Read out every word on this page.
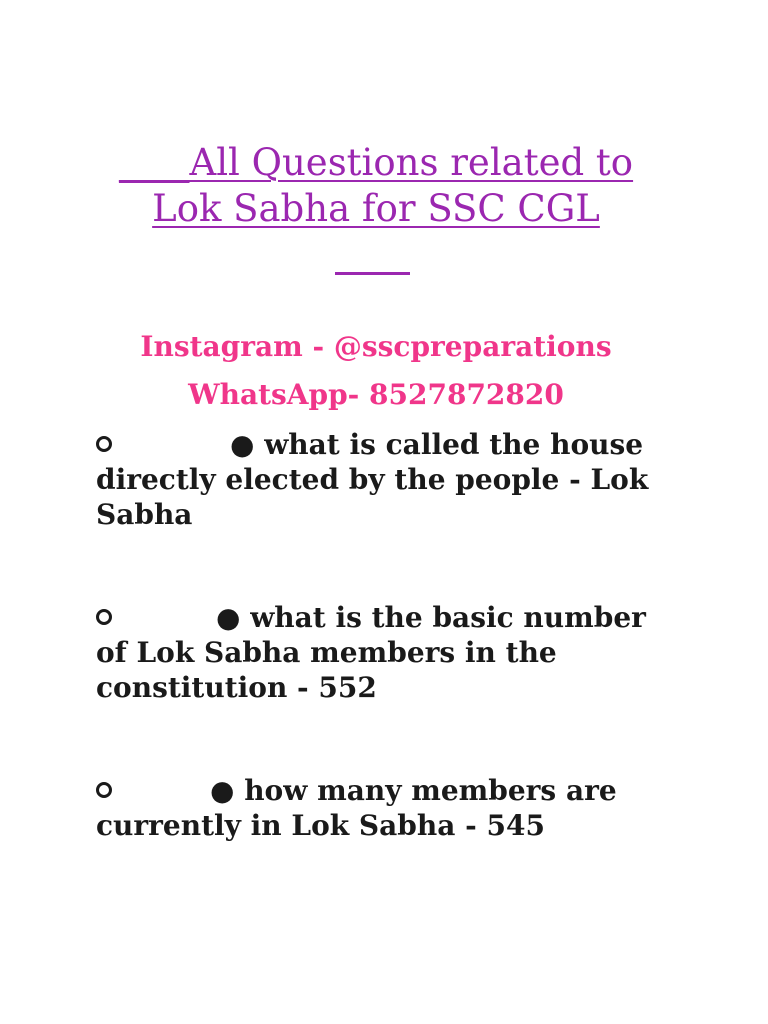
All Questions related to Lok Sabha for SSC CGL

Instagram - @sscpreparations

WhatsApp- 8527872820

● what is called the house directly elected by the people - Lok Sabha

● what is the basic number of Lok Sabha members in the constitution - 552

● how many members are currently in Lok Sabha - 545
